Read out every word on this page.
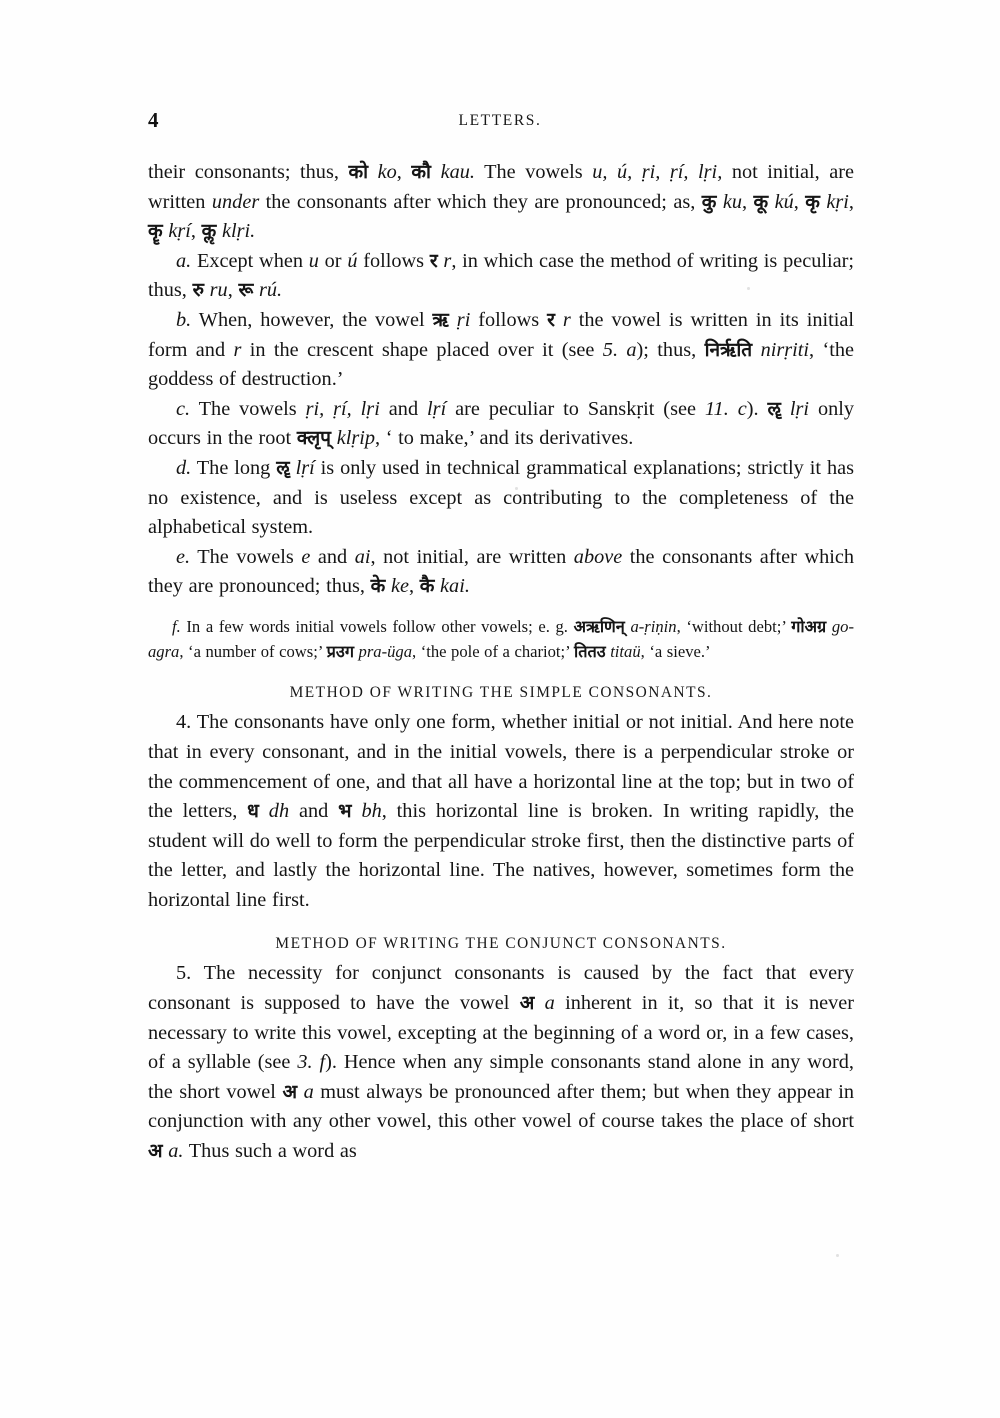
4	LETTERS.

their consonants; thus, को ko, कौ kau. The vowels u, ú, ṛi, ṛí, lṛi, not initial, are written under the consonants after which they are pronounced; as, कु ku, कू kú, कृ kṛi, कॄ kṛí, कॢ klṛi.

a. Except when u or ú follows र r, in which case the method of writing is peculiar; thus, रु ru, रू rú.

b. When, however, the vowel ऋ ṛi follows र r the vowel is written in its initial form and r in the crescent shape placed over it (see 5. a); thus, निर्ऋति nirṛiti, ‘the goddess of destruction.’

c. The vowels ṛi, ṛí, lṛi and lṛí are peculiar to Sanskṛit (see 11. c). ॡ lṛi only occurs in the root क्लृप् klṛip, ‘ to make,’ and its derivatives.

d. The long ॡ lṛí is only used in technical grammatical explanations; strictly it has no existence, and is useless except as contributing to the completeness of the alphabetical system.

e. The vowels e and ai, not initial, are written above the consonants after which they are pronounced; thus, के ke, कै kai.

f. In a few words initial vowels follow other vowels; e. g. अऋणिन् a-ṛiṇin, ‘without debt;’ गोअग्र go-agra, ‘a number of cows;’ प्रउग pra-üga, ‘the pole of a chariot;’ तितउ titaü, ‘a sieve.’

METHOD OF WRITING THE SIMPLE CONSONANTS.

4. The consonants have only one form, whether initial or not initial. And here note that in every consonant, and in the initial vowels, there is a perpendicular stroke or the commencement of one, and that all have a horizontal line at the top; but in two of the letters, ध dh and भ bh, this horizontal line is broken. In writing rapidly, the student will do well to form the perpendicular stroke first, then the distinctive parts of the letter, and lastly the horizontal line. The natives, however, sometimes form the horizontal line first.

METHOD OF WRITING THE CONJUNCT CONSONANTS.

5. The necessity for conjunct consonants is caused by the fact that every consonant is supposed to have the vowel अ a inherent in it, so that it is never necessary to write this vowel, excepting at the beginning of a word or, in a few cases, of a syllable (see 3. f). Hence when any simple consonants stand alone in any word, the short vowel अ a must always be pronounced after them; but when they appear in conjunction with any other vowel, this other vowel of course takes the place of short अ a. Thus such a word as
